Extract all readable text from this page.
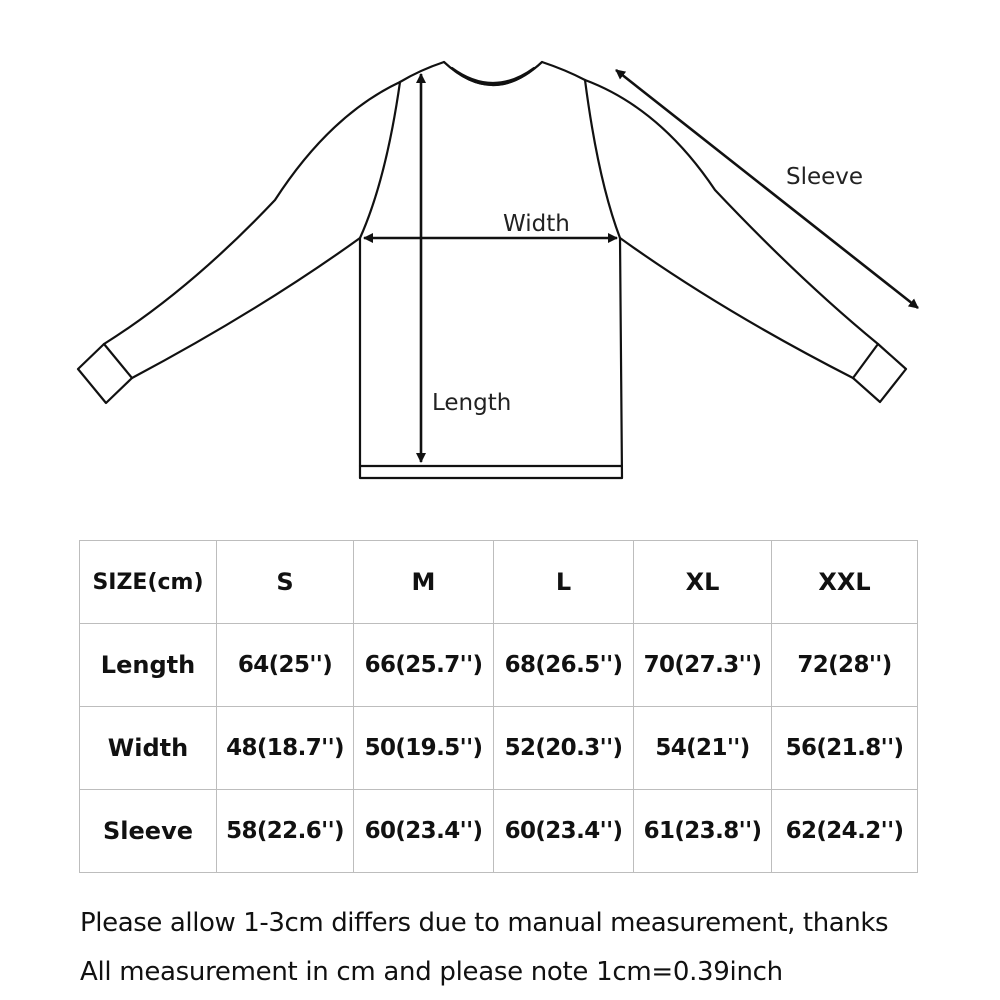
Sleeve
Width
Length
SIZE(cm)	S	M	L	XL	XXL
Length	64(25'')	66(25.7'')	68(26.5'')	70(27.3'')	72(28'')
Width	48(18.7'')	50(19.5'')	52(20.3'')	54(21'')	56(21.8'')
Sleeve	58(22.6'')	60(23.4'')	60(23.4'')	61(23.8'')	62(24.2'')
Please allow 1-3cm differs due to manual measurement, thanks
All measurement in cm and please note 1cm=0.39inch
